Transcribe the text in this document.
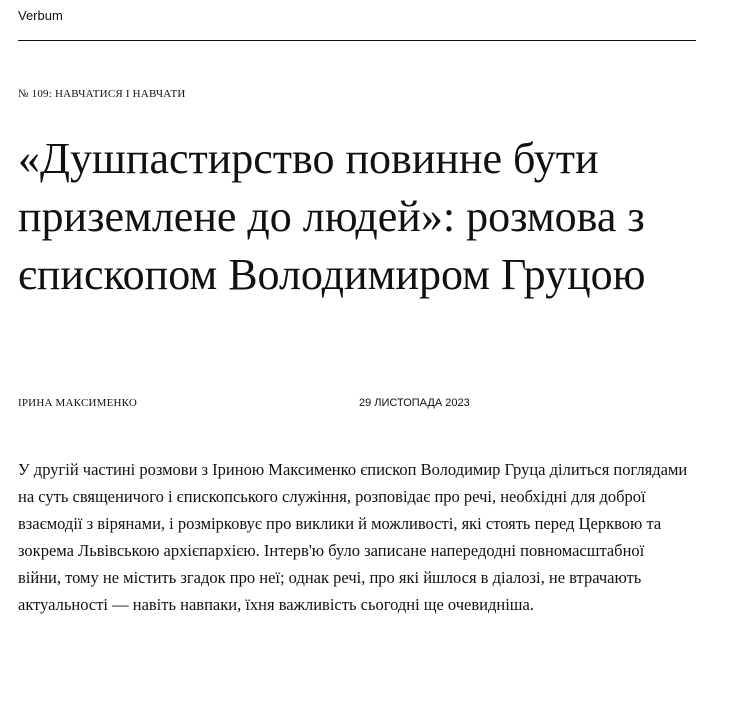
Verbum
№ 109: НАВЧАТИСЯ І НАВЧАТИ
«Душпастирство повинне бути приземлене до людей»: розмова з єпископом Володимиром Груцою
ІРИНА МАКСИМЕНКО	29 ЛИСТОПАДА 2023

У другій частині розмови з Іриною Максименко єпископ Володимир Груца ділиться поглядами на суть священичого і єпископського служіння, розповідає про речі, необхідні для доброї взаємодії з вірянами, і розмірковує про виклики й можливості, які стоять перед Церквою та зокрема Львівською архієпархією. Інтерв'ю було записане напередодні повномасштабної війни, тому не містить згадок про неї; однак речі, про які йшлося в діалозі, не втрачають актуальності — навіть навпаки, їхня важливість сьогодні ще очевидніша.
